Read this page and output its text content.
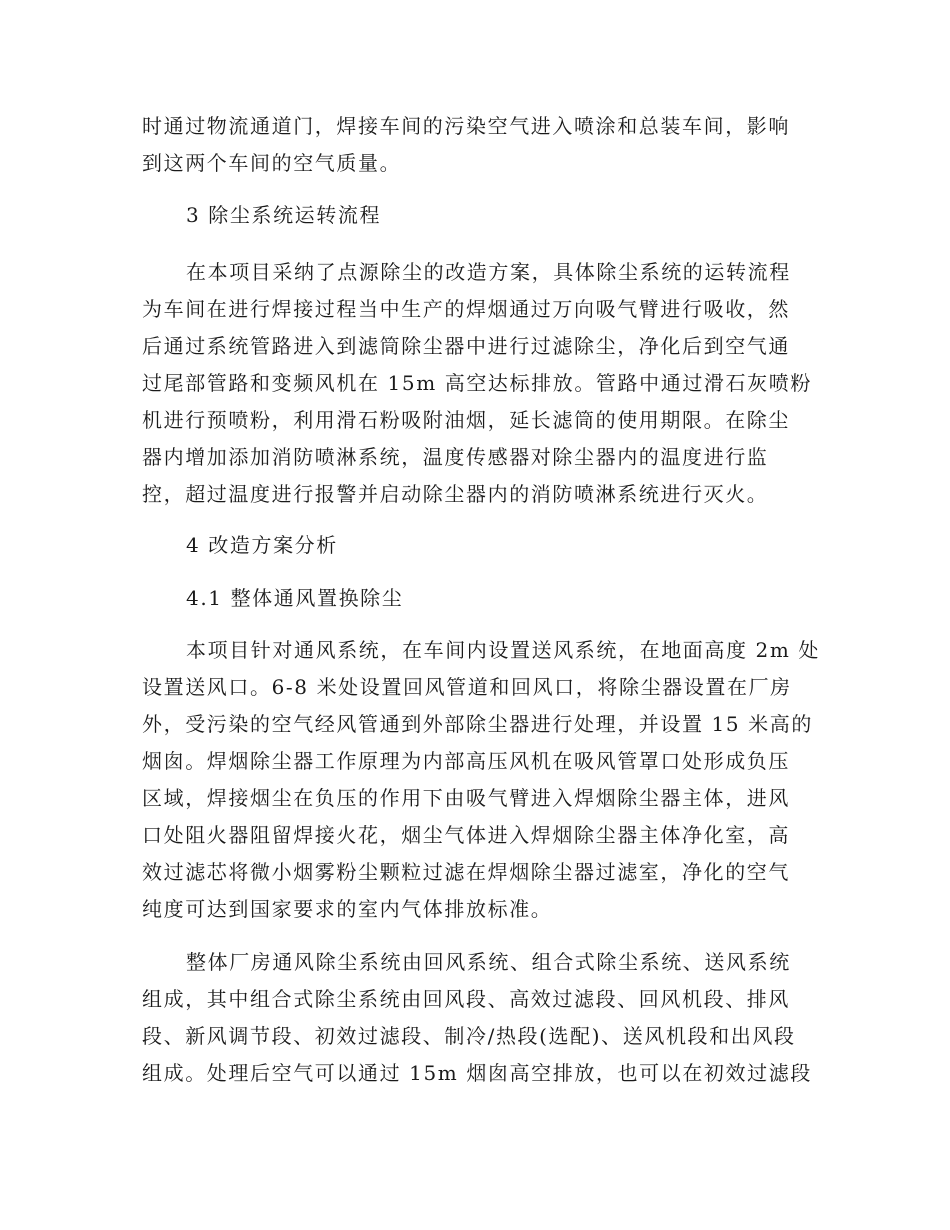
时通过物流通道门，焊接车间的污染空气进入喷涂和总装车间，影响
到这两个车间的空气质量。
3 除尘系统运转流程
在本项目采纳了点源除尘的改造方案，具体除尘系统的运转流程
为车间在进行焊接过程当中生产的焊烟通过万向吸气臂进行吸收，然
后通过系统管路进入到滤筒除尘器中进行过滤除尘，净化后到空气通
过尾部管路和变频风机在 15m 高空达标排放。管路中通过滑石灰喷粉
机进行预喷粉，利用滑石粉吸附油烟，延长滤筒的使用期限。在除尘
器内增加添加消防喷淋系统，温度传感器对除尘器内的温度进行监
控，超过温度进行报警并启动除尘器内的消防喷淋系统进行灭火。
4 改造方案分析
4.1 整体通风置换除尘
本项目针对通风系统，在车间内设置送风系统，在地面高度 2m 处
设置送风口。6-8 米处设置回风管道和回风口，将除尘器设置在厂房
外，受污染的空气经风管通到外部除尘器进行处理，并设置 15 米高的
烟囱。焊烟除尘器工作原理为内部高压风机在吸风管罩口处形成负压
区域，焊接烟尘在负压的作用下由吸气臂进入焊烟除尘器主体，进风
口处阻火器阻留焊接火花，烟尘气体进入焊烟除尘器主体净化室，高
效过滤芯将微小烟雾粉尘颗粒过滤在焊烟除尘器过滤室，净化的空气
纯度可达到国家要求的室内气体排放标准。
整体厂房通风除尘系统由回风系统、组合式除尘系统、送风系统
组成，其中组合式除尘系统由回风段、高效过滤段、回风机段、排风
段、新风调节段、初效过滤段、制冷/热段(选配)、送风机段和出风段
组成。处理后空气可以通过 15m 烟囱高空排放，也可以在初效过滤段
